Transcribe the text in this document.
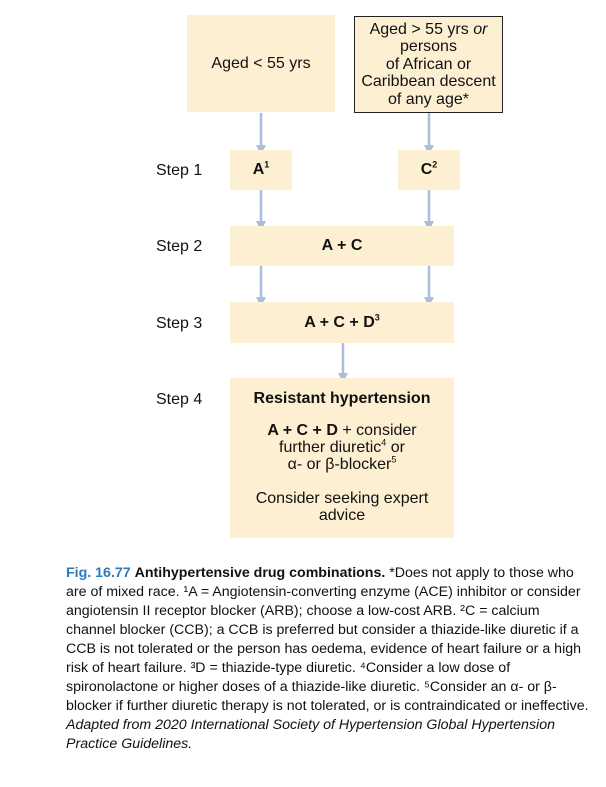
Aged < 55 yrs
Aged > 55 yrs or
persons
of African or
Caribbean descent
of any age*
Step 1
Step 2
Step 3
Step 4
$A^1$	$C^2$
A + C
$A + C + D^3$
Resistant hypertension
A + C + D + consider
further diuretic$^4$ or
α- or β-blocker$^5$
Consider seeking expert
advice
Fig. 16.77 Antihypertensive drug combinations. *Does not apply to those who are of mixed race. ¹A = Angiotensin-converting enzyme (ACE) inhibitor or consider angiotensin II receptor blocker (ARB); choose a low-cost ARB. ²C = calcium channel blocker (CCB); a CCB is preferred but consider a thiazide-like diuretic if a CCB is not tolerated or the person has oedema, evidence of heart failure or a high risk of heart failure. ³D = thiazide-type diuretic. ⁴Consider a low dose of spironolactone or higher doses of a thiazide-like diuretic. ⁵Consider an α- or β-blocker if further diuretic therapy is not tolerated, or is contraindicated or ineffective. Adapted from 2020 International Society of Hypertension Global Hypertension Practice Guidelines.
